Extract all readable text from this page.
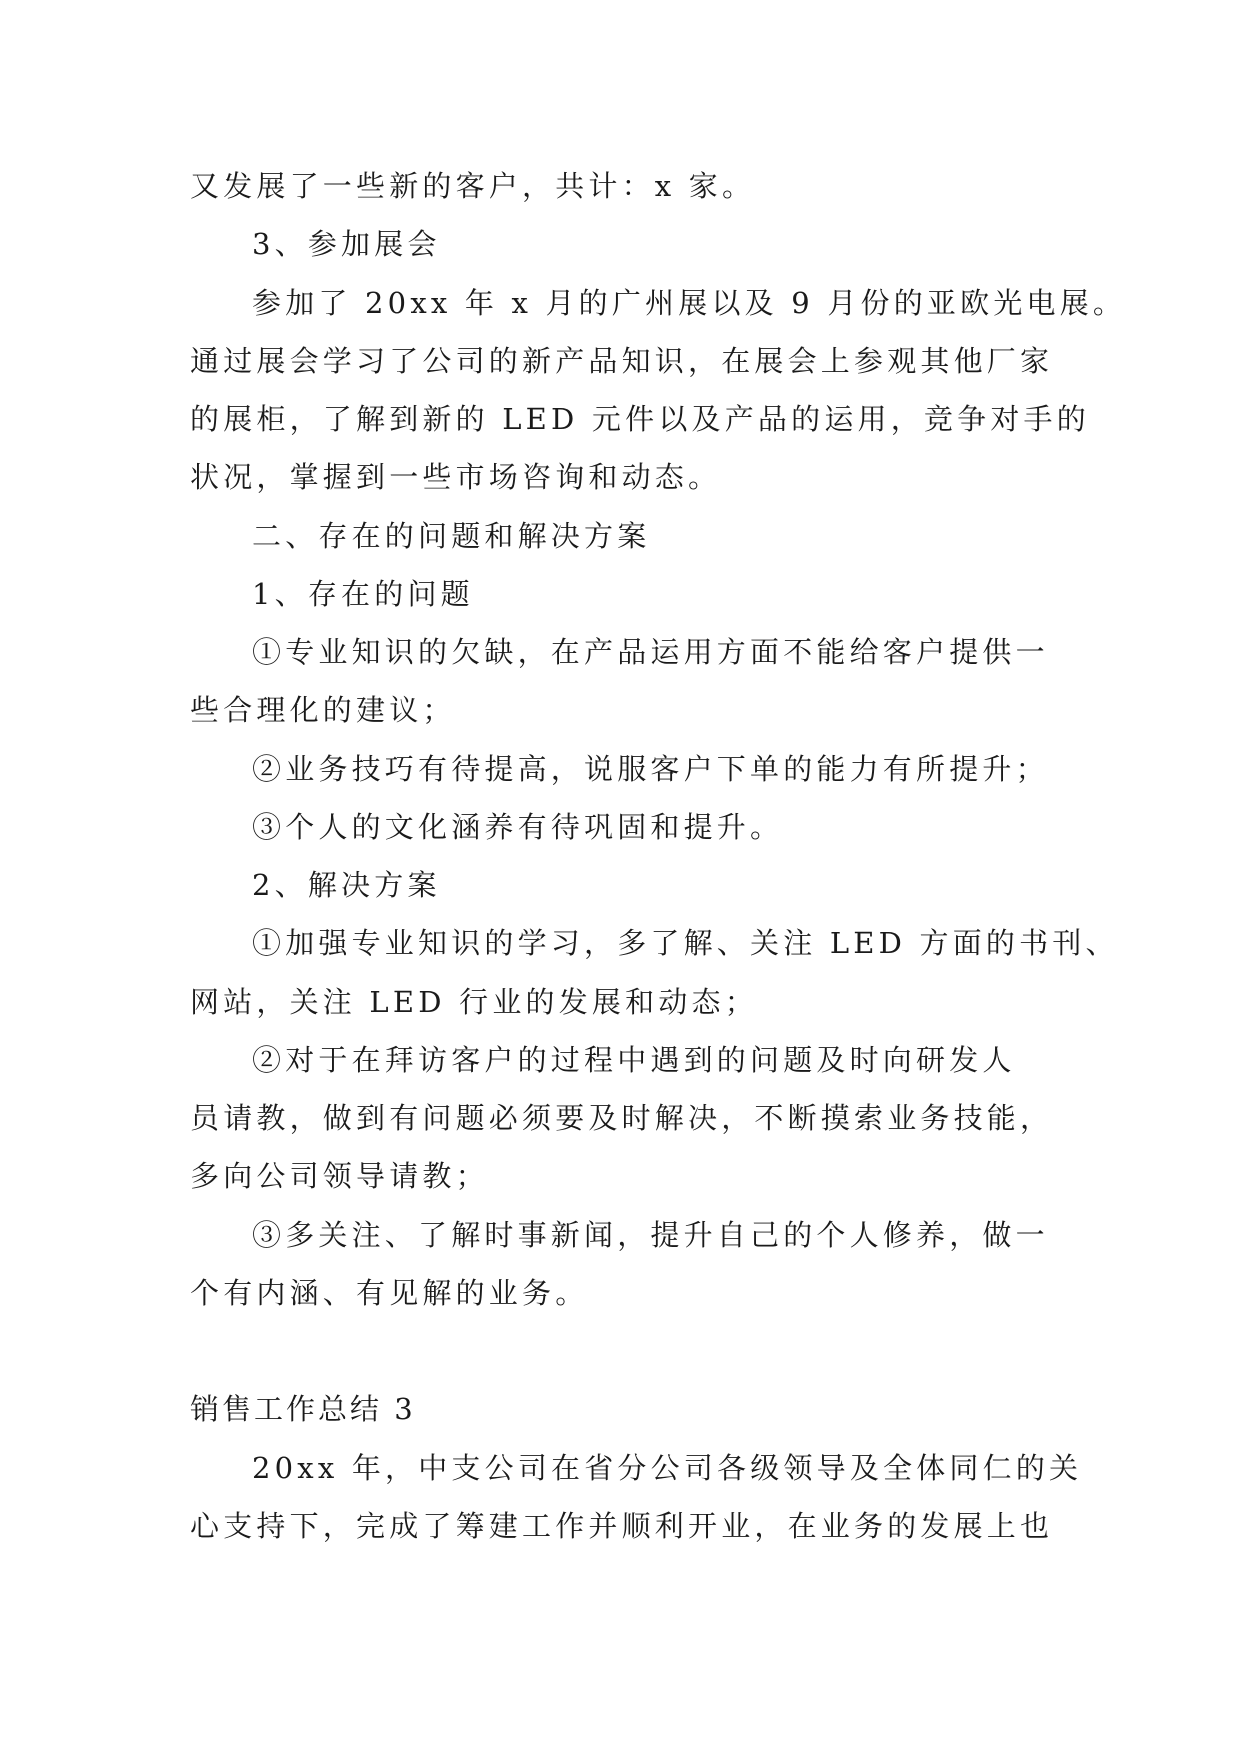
又发展了一些新的客户，共计：x 家。
3、参加展会
参加了 20xx 年 x 月的广州展以及 9 月份的亚欧光电展。
通过展会学习了公司的新产品知识，在展会上参观其他厂家
的展柜，了解到新的 LED 元件以及产品的运用，竞争对手的
状况，掌握到一些市场咨询和动态。
二、存在的问题和解决方案
1、存在的问题
①专业知识的欠缺，在产品运用方面不能给客户提供一
些合理化的建议；
②业务技巧有待提高，说服客户下单的能力有所提升；
③个人的文化涵养有待巩固和提升。
2、解决方案
①加强专业知识的学习，多了解、关注 LED 方面的书刊、
网站，关注 LED 行业的发展和动态；
②对于在拜访客户的过程中遇到的问题及时向研发人
员请教，做到有问题必须要及时解决，不断摸索业务技能，
多向公司领导请教；
③多关注、了解时事新闻，提升自己的个人修养，做一
个有内涵、有见解的业务。
销售工作总结 3
20xx 年，中支公司在省分公司各级领导及全体同仁的关
心支持下，完成了筹建工作并顺利开业，在业务的发展上也
